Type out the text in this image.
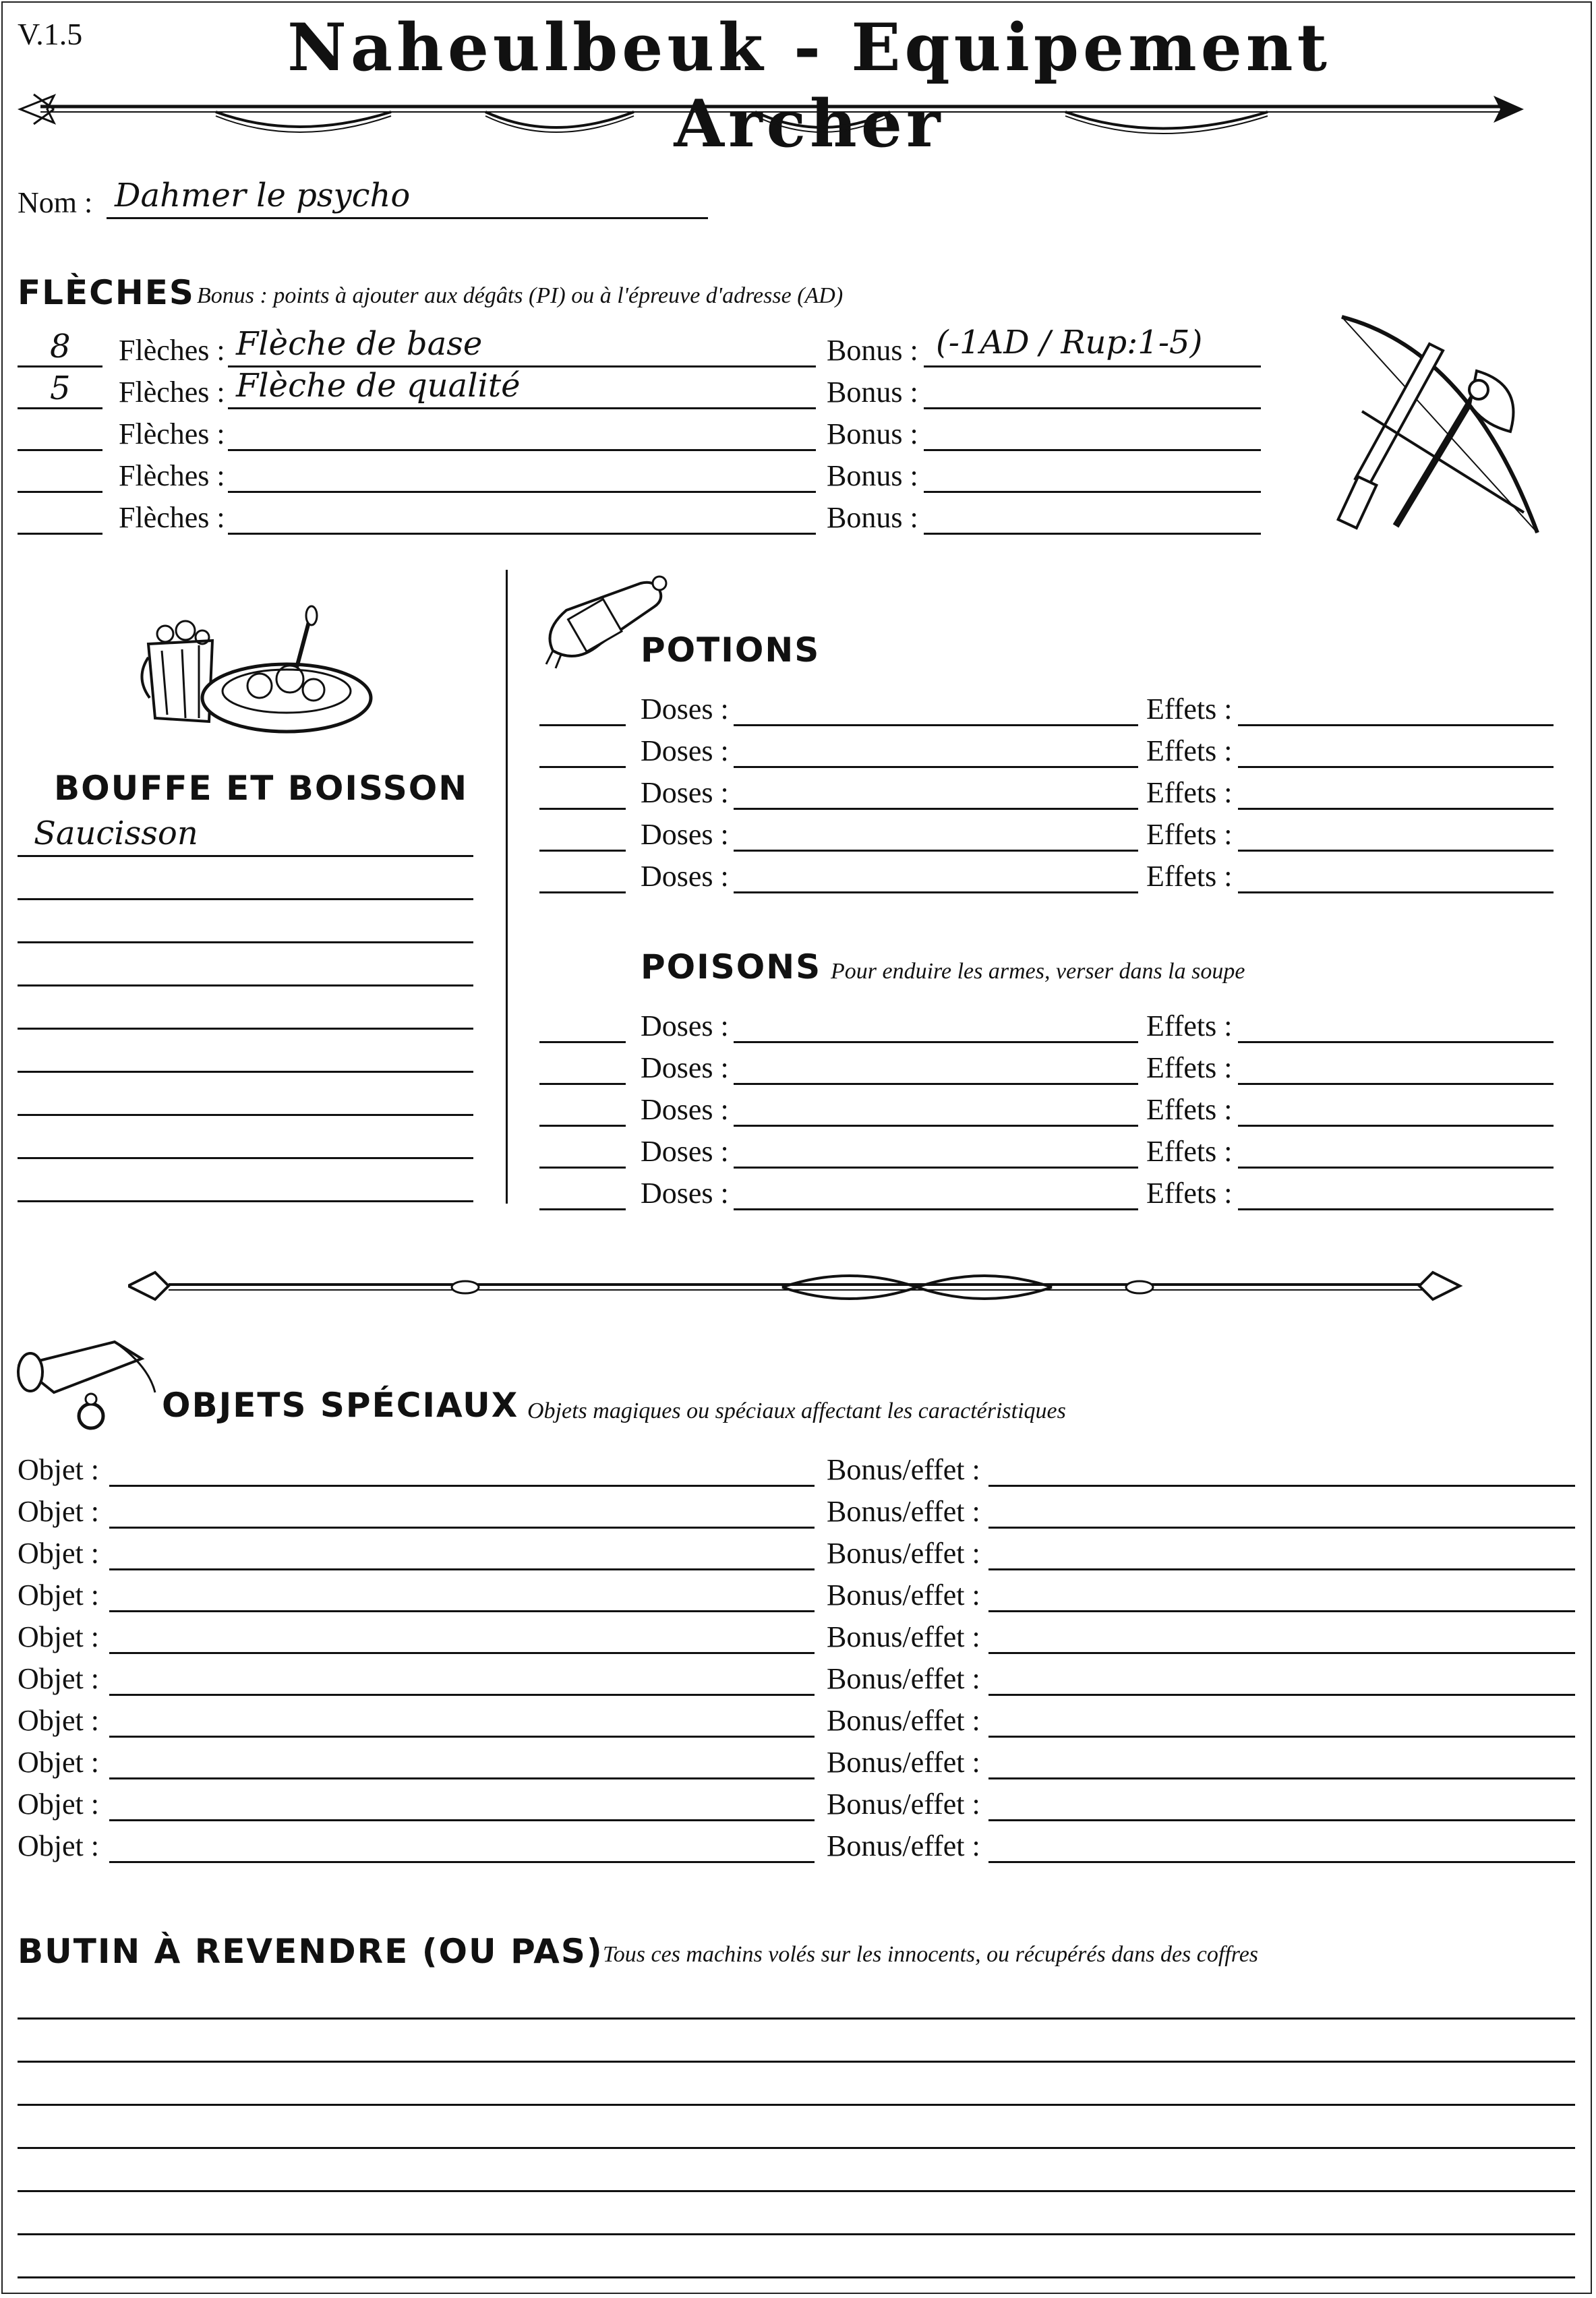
V.1.5	Naheulbeuk - Equipement Archer
Nom : Dahmer le psycho
FLÈCHES Bonus : points à ajouter aux dégâts (PI) ou à l'épreuve d'adresse (AD)
8 Flèches : Flèche de base	Bonus : (-1AD / Rup:1-5)
5 Flèches : Flèche de qualité	Bonus :
Flèches :	Bonus :
Flèches :	Bonus :
Flèches :	Bonus :
BOUFFE ET BOISSON
Saucisson
POTIONS
Doses :	Effets :
Doses :	Effets :
Doses :	Effets :
Doses :	Effets :
Doses :	Effets :
POISONS Pour enduire les armes, verser dans la soupe
Doses :	Effets :
Doses :	Effets :
Doses :	Effets :
Doses :	Effets :
Doses :	Effets :
OBJETS SPÉCIAUX Objets magiques ou spéciaux affectant les caractéristiques
Objet :	Bonus/effet :
Objet :	Bonus/effet :
Objet :	Bonus/effet :
Objet :	Bonus/effet :
Objet :	Bonus/effet :
Objet :	Bonus/effet :
Objet :	Bonus/effet :
Objet :	Bonus/effet :
Objet :	Bonus/effet :
Objet :	Bonus/effet :
BUTIN À REVENDRE (OU PAS) Tous ces machins volés sur les innocents, ou récupérés dans des coffres
